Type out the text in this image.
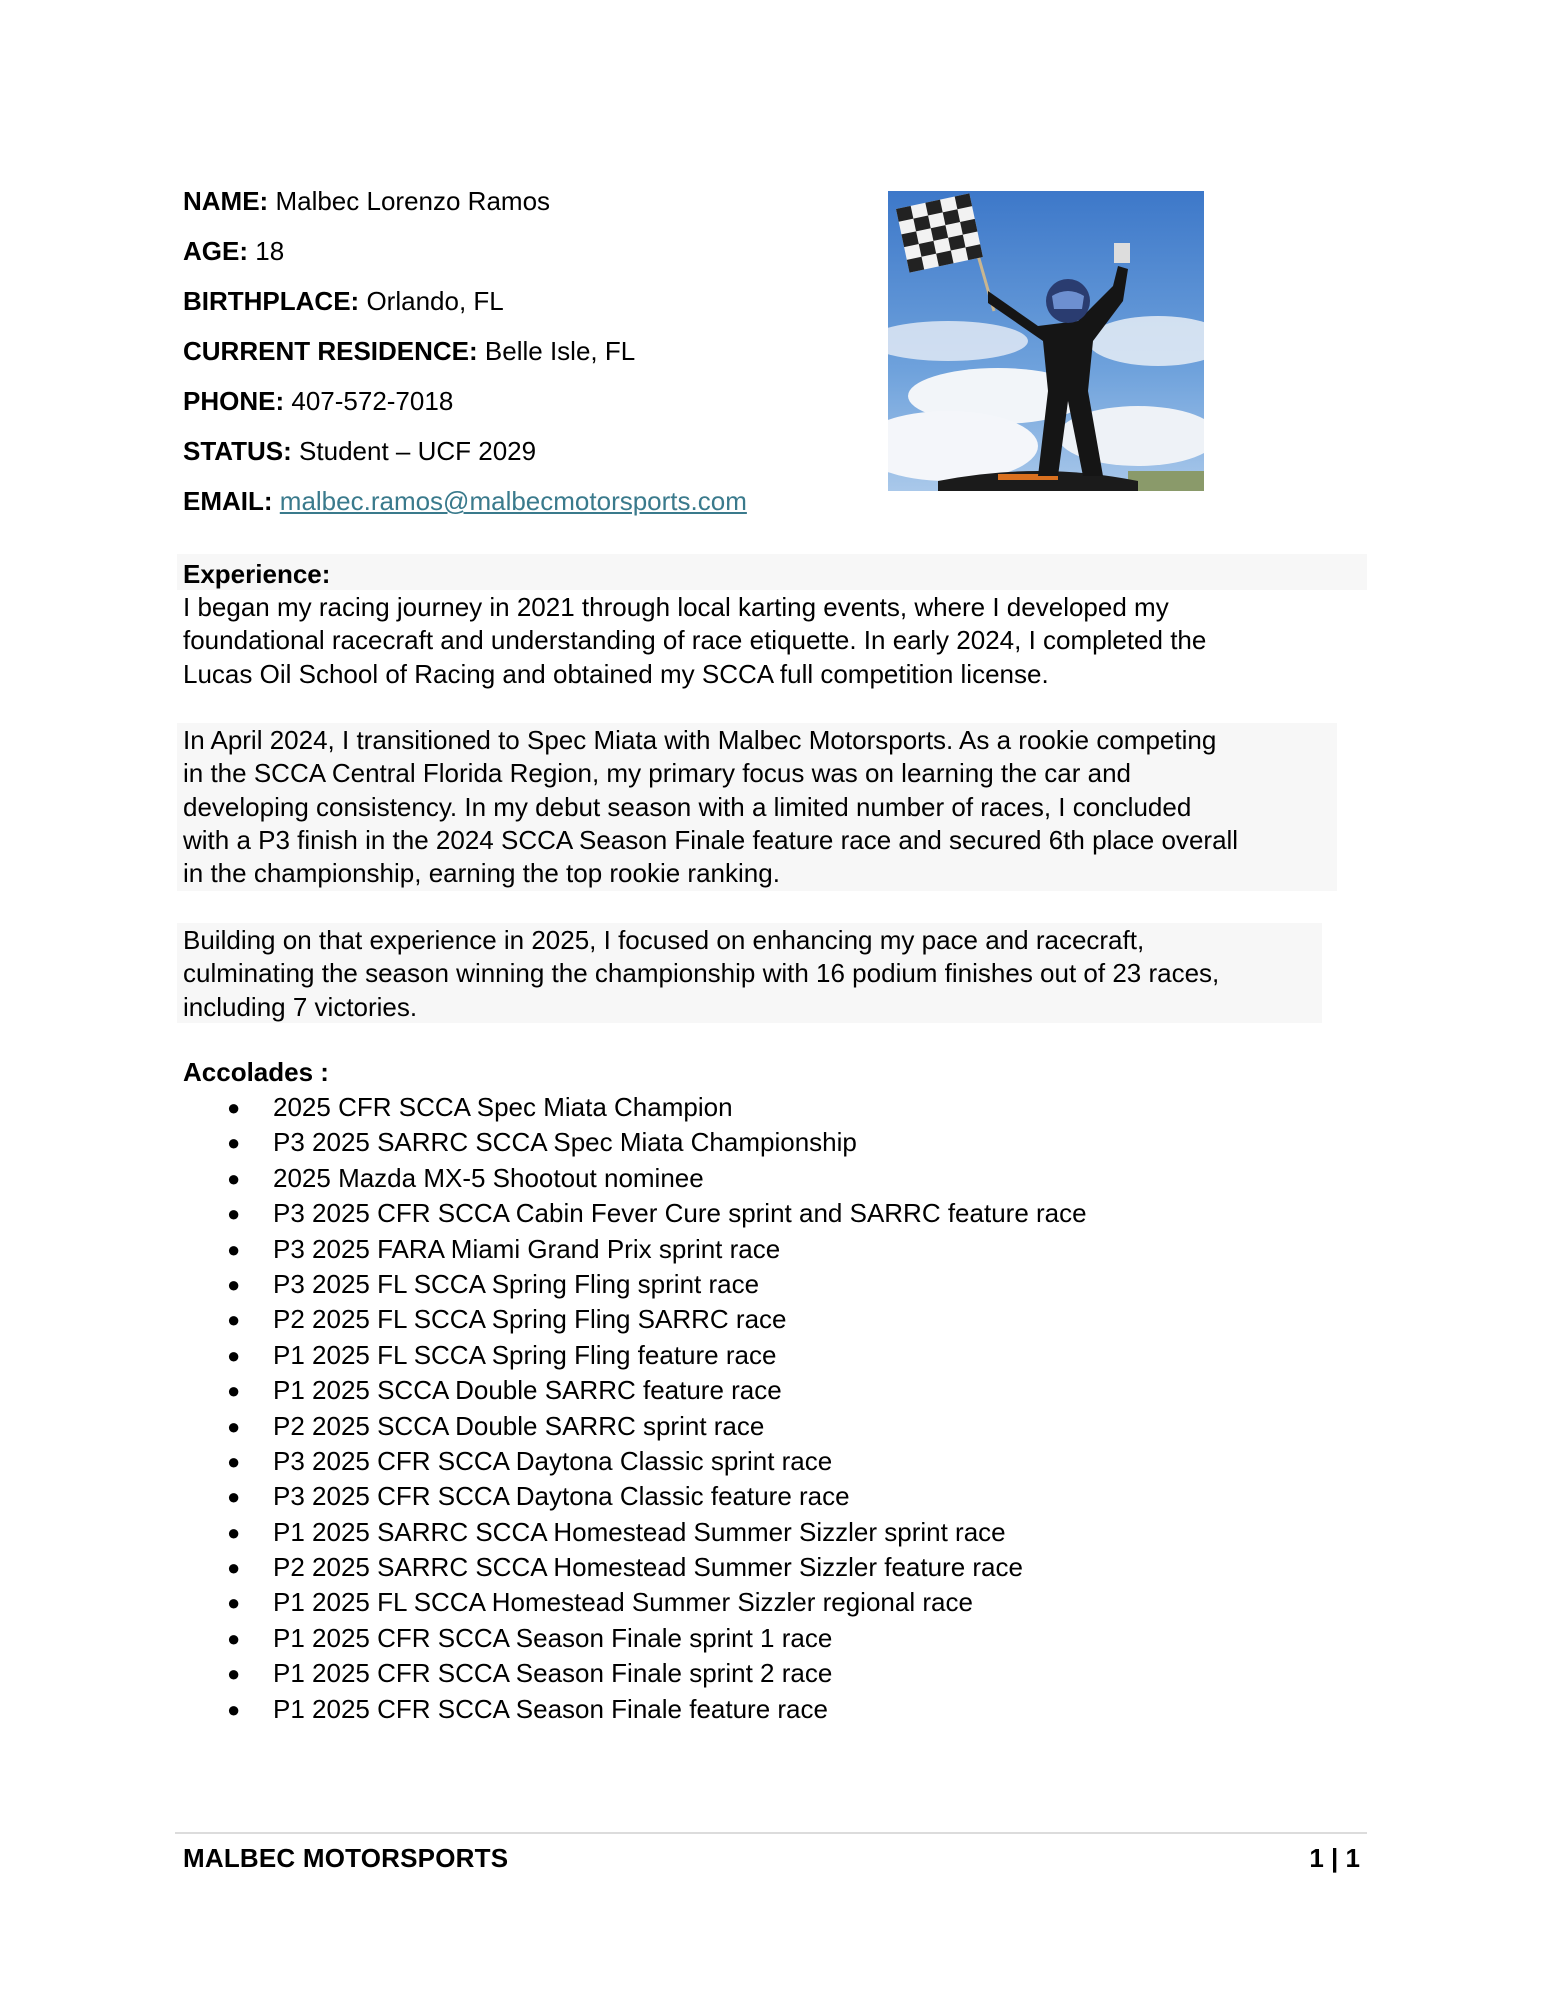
NAME: Malbec Lorenzo Ramos
AGE: 18
BIRTHPLACE: Orlando, FL
CURRENT RESIDENCE: Belle Isle, FL
PHONE: 407-572-7018
STATUS: Student – UCF 2029
EMAIL: malbec.ramos@malbecmotorsports.com
Experience:
I began my racing journey in 2021 through local karting events, where I developed my
foundational racecraft and understanding of race etiquette. In early 2024, I completed the
Lucas Oil School of Racing and obtained my SCCA full competition license.
In April 2024, I transitioned to Spec Miata with Malbec Motorsports. As a rookie competing
in the SCCA Central Florida Region, my primary focus was on learning the car and
developing consistency. In my debut season with a limited number of races, I concluded
with a P3 finish in the 2024 SCCA Season Finale feature race and secured 6th place overall
in the championship, earning the top rookie ranking.
Building on that experience in 2025, I focused on enhancing my pace and racecraft,
culminating the season winning the championship with 16 podium finishes out of 23 races,
including 7 victories.
Accolades :
● 2025 CFR SCCA Spec Miata Champion
● P3 2025 SARRC SCCA Spec Miata Championship
● 2025 Mazda MX-5 Shootout nominee
● P3 2025 CFR SCCA Cabin Fever Cure sprint and SARRC feature race
● P3 2025 FARA Miami Grand Prix sprint race
● P3 2025 FL SCCA Spring Fling sprint race
● P2 2025 FL SCCA Spring Fling SARRC race
● P1 2025 FL SCCA Spring Fling feature race
● P1 2025 SCCA Double SARRC feature race
● P2 2025 SCCA Double SARRC sprint race
● P3 2025 CFR SCCA Daytona Classic sprint race
● P3 2025 CFR SCCA Daytona Classic feature race
● P1 2025 SARRC SCCA Homestead Summer Sizzler sprint race
● P2 2025 SARRC SCCA Homestead Summer Sizzler feature race
● P1 2025 FL SCCA Homestead Summer Sizzler regional race
● P1 2025 CFR SCCA Season Finale sprint 1 race
● P1 2025 CFR SCCA Season Finale sprint 2 race
● P1 2025 CFR SCCA Season Finale feature race
MALBEC MOTORSPORTS	1 | 1
